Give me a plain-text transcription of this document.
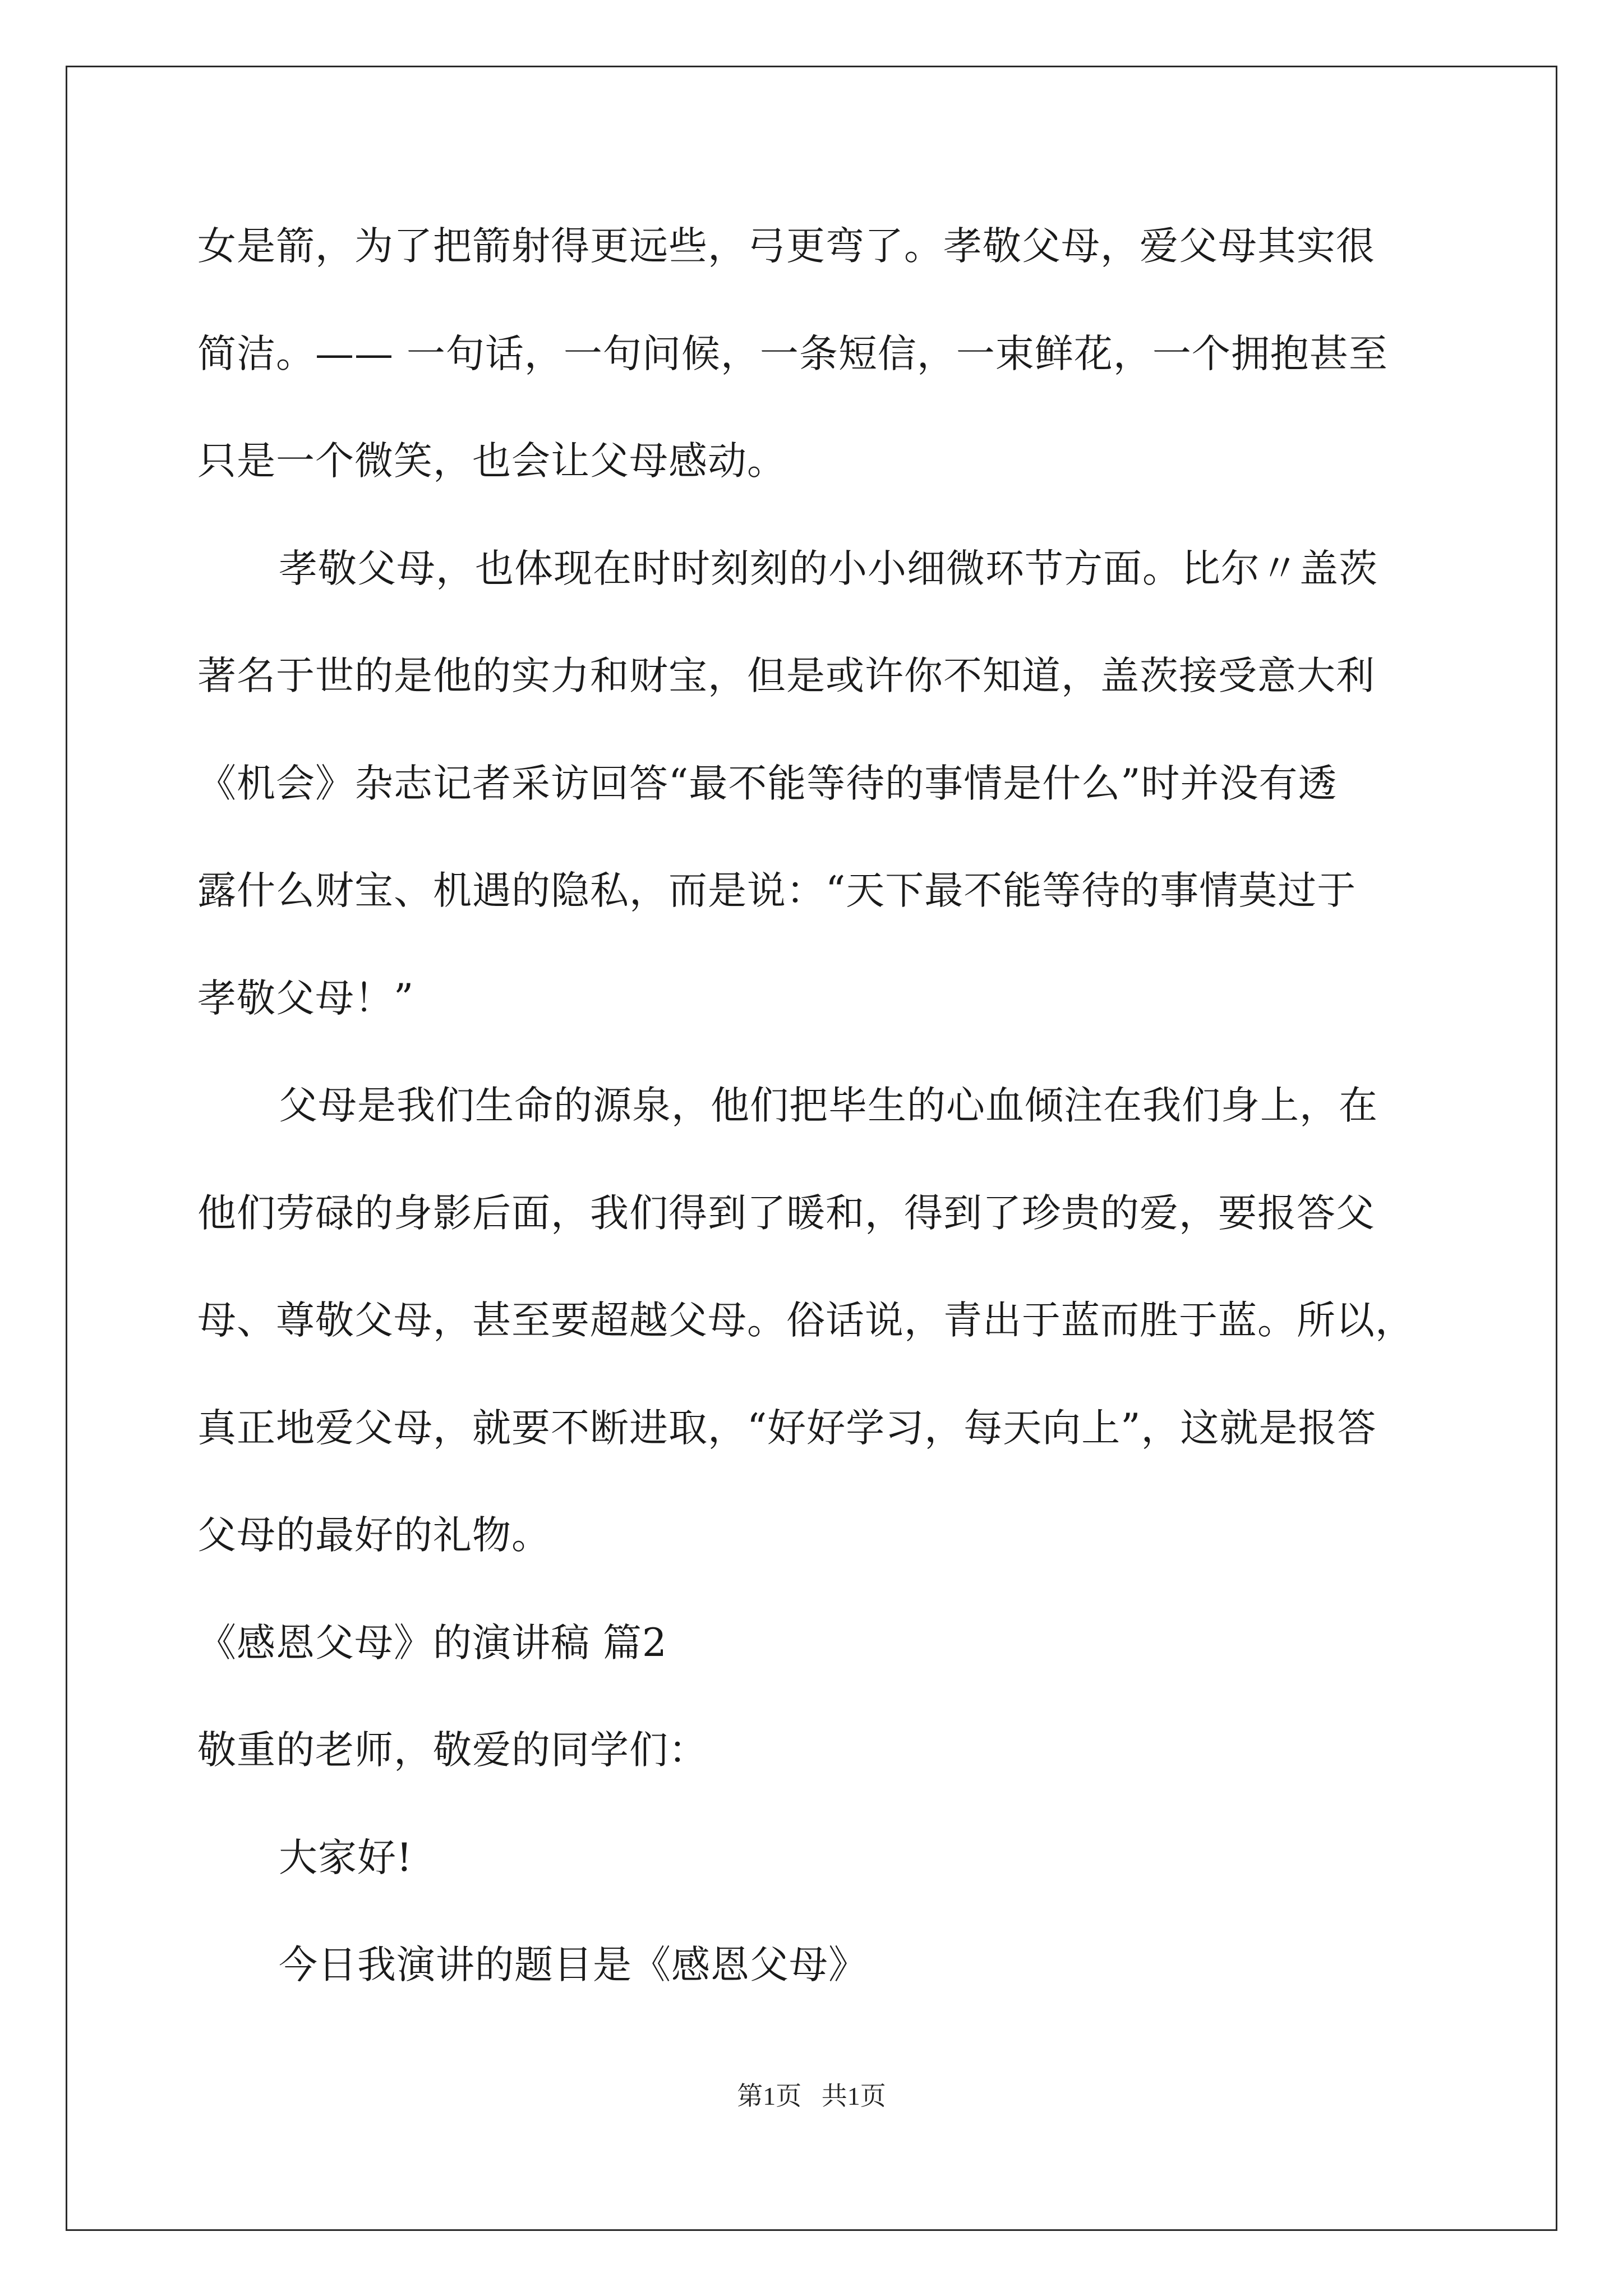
女是箭，为了把箭射得更远些，弓更弯了。孝敬父母，爱父母其实很
简洁。—— 一句话，一句问候，一条短信，一束鲜花，一个拥抱甚至
只是一个微笑，也会让父母感动。
孝敬父母，也体现在时时刻刻的小小细微环节方面。比尔〃盖茨
著名于世的是他的实力和财宝，但是或许你不知道，盖茨接受意大利
《机会》杂志记者采访回答“最不能等待的事情是什么”时并没有透
露什么财宝、机遇的隐私，而是说：“天下最不能等待的事情莫过于
孝敬父母！”
父母是我们生命的源泉，他们把毕生的心血倾注在我们身上，在
他们劳碌的身影后面，我们得到了暖和，得到了珍贵的爱，要报答父
母、尊敬父母，甚至要超越父母。俗话说，青出于蓝而胜于蓝。所以，
真正地爱父母，就要不断进取，“好好学习，每天向上”，这就是报答
父母的最好的礼物。
《感恩父母》的演讲稿 篇2
敬重的老师，敬爱的同学们：
大家好!
今日我演讲的题目是《感恩父母》
第1页 共1页
